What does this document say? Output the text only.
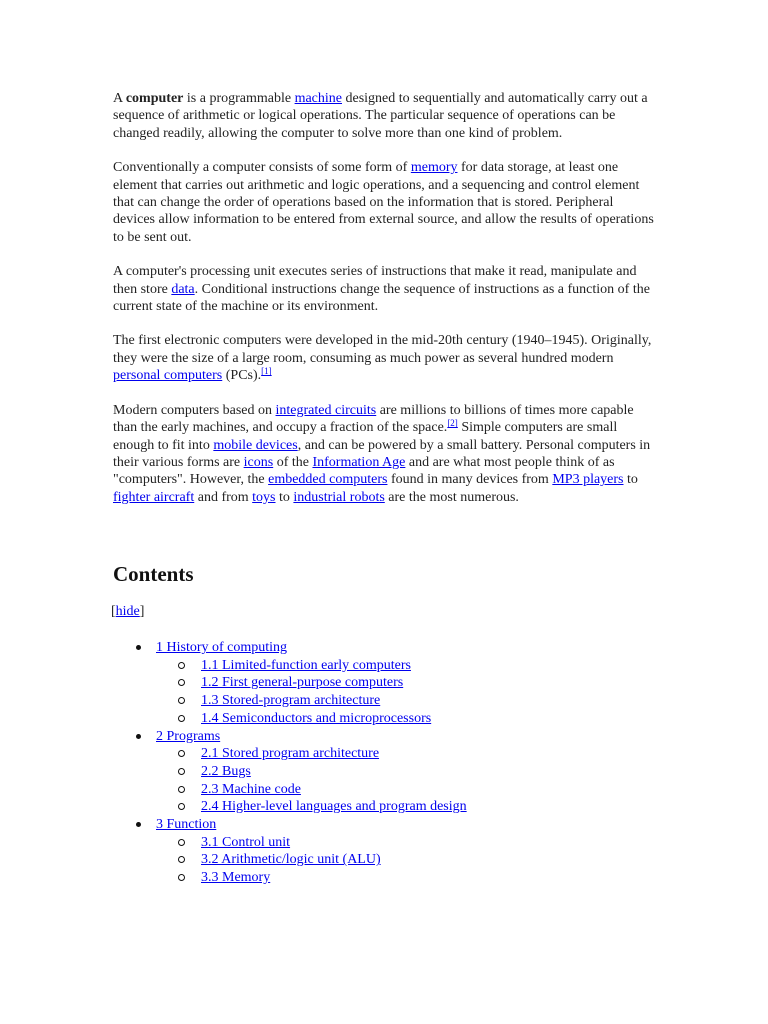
A computer is a programmable machine designed to sequentially and automatically carry out a sequence of arithmetic or logical operations. The particular sequence of operations can be changed readily, allowing the computer to solve more than one kind of problem.

Conventionally a computer consists of some form of memory for data storage, at least one element that carries out arithmetic and logic operations, and a sequencing and control element that can change the order of operations based on the information that is stored. Peripheral devices allow information to be entered from external source, and allow the results of operations to be sent out.

A computer's processing unit executes series of instructions that make it read, manipulate and then store data. Conditional instructions change the sequence of instructions as a function of the current state of the machine or its environment.

The first electronic computers were developed in the mid-20th century (1940–1945). Originally, they were the size of a large room, consuming as much power as several hundred modern personal computers (PCs).[1]

Modern computers based on integrated circuits are millions to billions of times more capable than the early machines, and occupy a fraction of the space.[2] Simple computers are small enough to fit into mobile devices, and can be powered by a small battery. Personal computers in their various forms are icons of the Information Age and are what most people think of as "computers". However, the embedded computers found in many devices from MP3 players to fighter aircraft and from toys to industrial robots are the most numerous.

Contents
[hide]
1 History of computing
1.1 Limited-function early computers
1.2 First general-purpose computers
1.3 Stored-program architecture
1.4 Semiconductors and microprocessors
2 Programs
2.1 Stored program architecture
2.2 Bugs
2.3 Machine code
2.4 Higher-level languages and program design
3 Function
3.1 Control unit
3.2 Arithmetic/logic unit (ALU)
3.3 Memory
